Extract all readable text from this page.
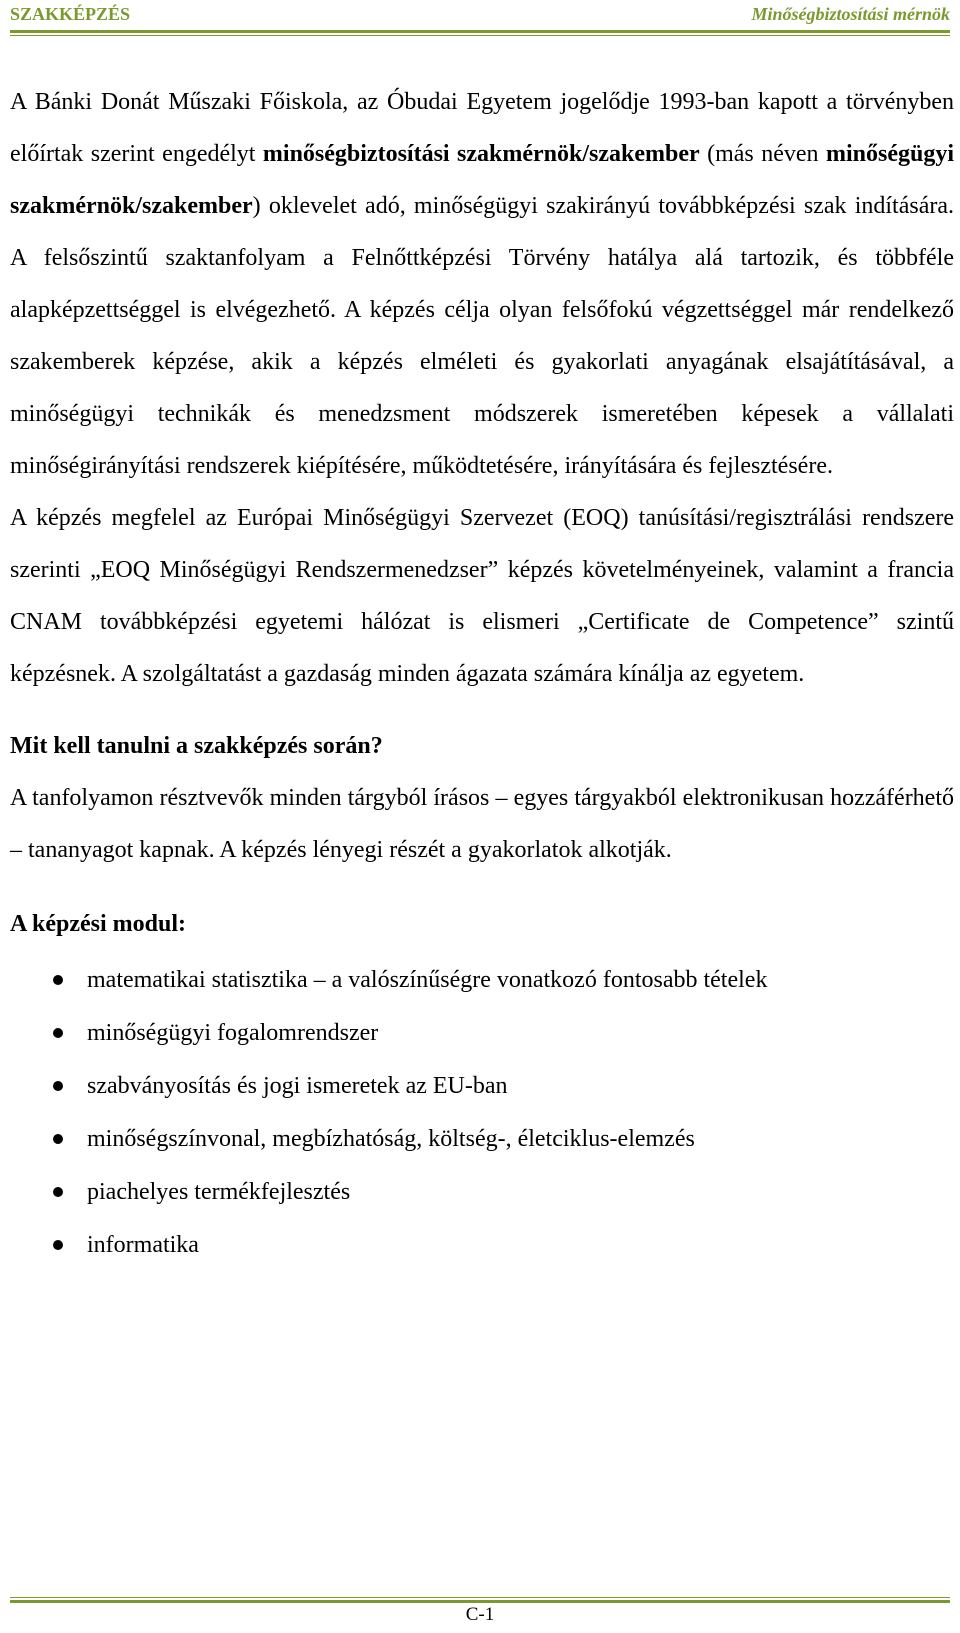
SZAKKÉPZÉS	Minőségbiztosítási mérnök

A Bánki Donát Műszaki Főiskola, az Óbudai Egyetem jogelődje 1993-ban kapott a törvényben előírtak szerint engedélyt minőségbiztosítási szakmérnök/szakember (más néven minőségügyi szakmérnök/szakember) oklevelet adó, minőségügyi szakirányú továbbképzési szak indítására. A felsőszintű szaktanfolyam a Felnőttképzési Törvény hatálya alá tartozik, és többféle alapképzettséggel is elvégezhető. A képzés célja olyan felsőfokú végzettséggel már rendelkező szakemberek képzése, akik a képzés elméleti és gyakorlati anyagának elsajátításával, a minőségügyi technikák és menedzsment módszerek ismeretében képesek a vállalati minőségirányítási rendszerek kiépítésére, működtetésére, irányítására és fejlesztésére.

A képzés megfelel az Európai Minőségügyi Szervezet (EOQ) tanúsítási/regisztrálási rendszere szerinti „EOQ Minőségügyi Rendszermenedzser” képzés követelményeinek, valamint a francia CNAM továbbképzési egyetemi hálózat is elismeri „Certificate de Competence” szintű képzésnek. A szolgáltatást a gazdaság minden ágazata számára kínálja az egyetem.

Mit kell tanulni a szakképzés során?

A tanfolyamon résztvevők minden tárgyból írásos – egyes tárgyakból elektronikusan hozzáférhető – tananyagot kapnak. A képzés lényegi részét a gyakorlatok alkotják.

A képzési modul:
matematikai statisztika – a valószínűségre vonatkozó fontosabb tételek
minőségügyi fogalomrendszer
szabványosítás és jogi ismeretek az EU-ban
minőségszínvonal, megbízhatóság, költség-, életciklus-elemzés
piachelyes termékfejlesztés
informatika
C-1
